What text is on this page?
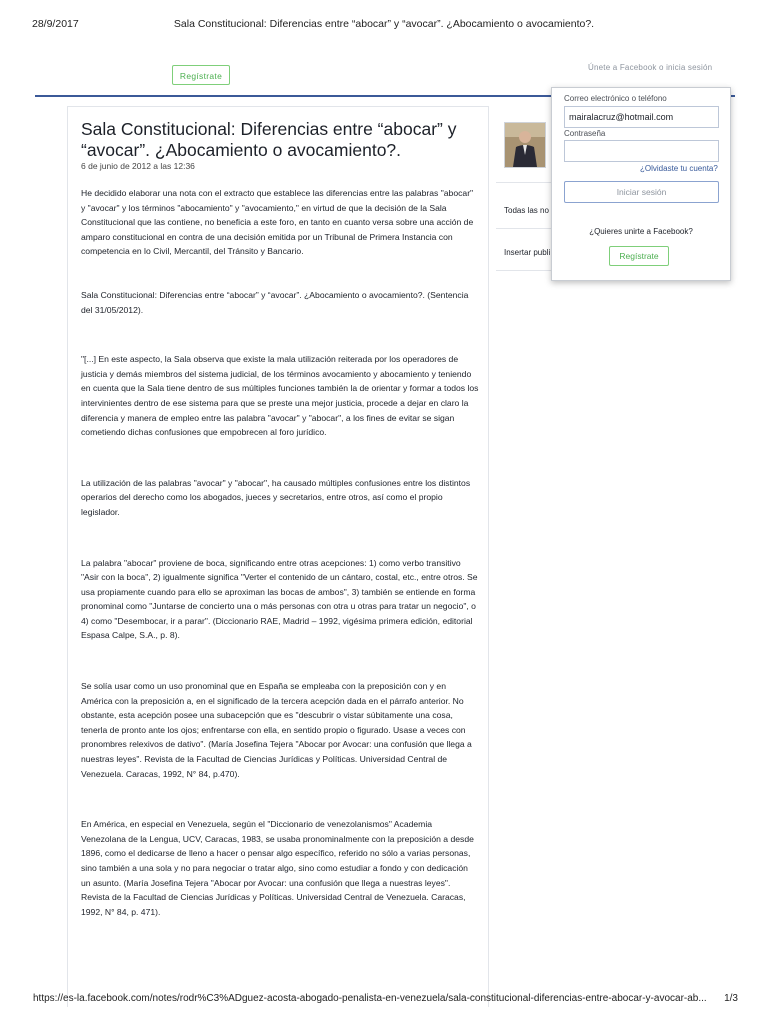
28/9/2017	Sala Constitucional: Diferencias entre “abocar” y “avocar”. ¿Abocamiento o avocamiento?.
Regístrate
Únete a Facebook o inicia sesión
Sala Constitucional: Diferencias entre “abocar” y “avocar”. ¿Abocamiento o avocamiento?.
6 de junio de 2012 a las 12:36

He decidido elaborar una nota con el extracto que establece las diferencias entre las palabras "abocar" y "avocar" y los términos "abocamiento" y "avocamiento," en virtud de que la decisión de la Sala Constitucional que las contiene, no beneficia a este foro, en tanto en cuanto versa sobre una acción de amparo constitucional en contra de una decisión emitida por un Tribunal de Primera Instancia con competencia en lo Civil, Mercantil, del Tránsito y Bancario.

Sala Constitucional: Diferencias entre “abocar” y “avocar”. ¿Abocamiento o avocamiento?. (Sentencia del 31/05/2012).

"[...] En este aspecto, la Sala observa que existe la mala utilización reiterada por los operadores de justicia y demás miembros del sistema judicial, de los términos avocamiento y abocamiento y teniendo en cuenta que la Sala tiene dentro de sus múltiples funciones también la de orientar y formar a todos los intervinientes dentro de ese sistema para que se preste una mejor justicia, procede a dejar en claro la diferencia y manera de empleo entre las palabra "avocar" y "abocar", a los fines de evitar se sigan cometiendo dichas confusiones que empobrecen al foro jurídico.

La utilización de las palabras "avocar" y "abocar", ha causado múltiples confusiones entre los distintos operarios del derecho como los abogados, jueces y secretarios, entre otros, así como el propio legislador.

La palabra "abocar" proviene de boca, significando entre otras acepciones: 1) como verbo transitivo "Asir con la boca", 2) igualmente significa "Verter el contenido de un cántaro, costal, etc., entre otros. Se usa propiamente cuando para ello se aproximan las bocas de ambos", 3) también se entiende en forma pronominal como "Juntarse de concierto una o más personas con otra u otras para tratar un negocio", o 4) como "Desembocar, ir a parar". (Diccionario RAE, Madrid – 1992, vigésima primera edición, editorial Espasa Calpe, S.A., p. 8).

Se solía usar como un uso pronominal que en España se empleaba con la preposición con y en América con la preposición a, en el significado de la tercera acepción dada en el párrafo anterior. No obstante, esta acepción posee una subacepción que es "descubrir o vistar súbitamente una cosa, tenerla de pronto ante los ojos; enfrentarse con ella, en sentido propio o figurado. Usase a veces con pronombres relexivos de dativo". (María Josefina Tejera "Abocar por Avocar: una confusión que llega a nuestras leyes". Revista de la Facultad de Ciencias Jurídicas y Políticas. Universidad Central de Venezuela. Caracas, 1992, N° 84, p.470).

En América, en especial en Venezuela, según el "Diccionario de venezolanismos" Academia Venezolana de la Lengua, UCV, Caracas, 1983, se usaba pronominalmente con la preposición a desde 1896, como el dedicarse de lleno a hacer o pensar algo específico, referido no sólo a varias personas, sino también a una sola y no para negociar o tratar algo, sino como estudiar a fondo y con dedicación un asunto. (María Josefina Tejera "Abocar por Avocar: una confusión que llega a nuestras leyes". Revista de la Facultad de Ciencias Jurídicas y Políticas. Universidad Central de Venezuela. Caracas, 1992, N° 84, p. 471).

Todas las no
Insertar publi
Correo electrónico o teléfono
mairalacruz@hotmail.com
Contraseña
¿Olvidaste tu cuenta?
Iniciar sesión
¿Quieres unirte a Facebook?
Regístrate
https://es-la.facebook.com/notes/rodr%C3%ADguez-acosta-abogado-penalista-en-venezuela/sala-constitucional-diferencias-entre-abocar-y-avocar-ab... 1/3
